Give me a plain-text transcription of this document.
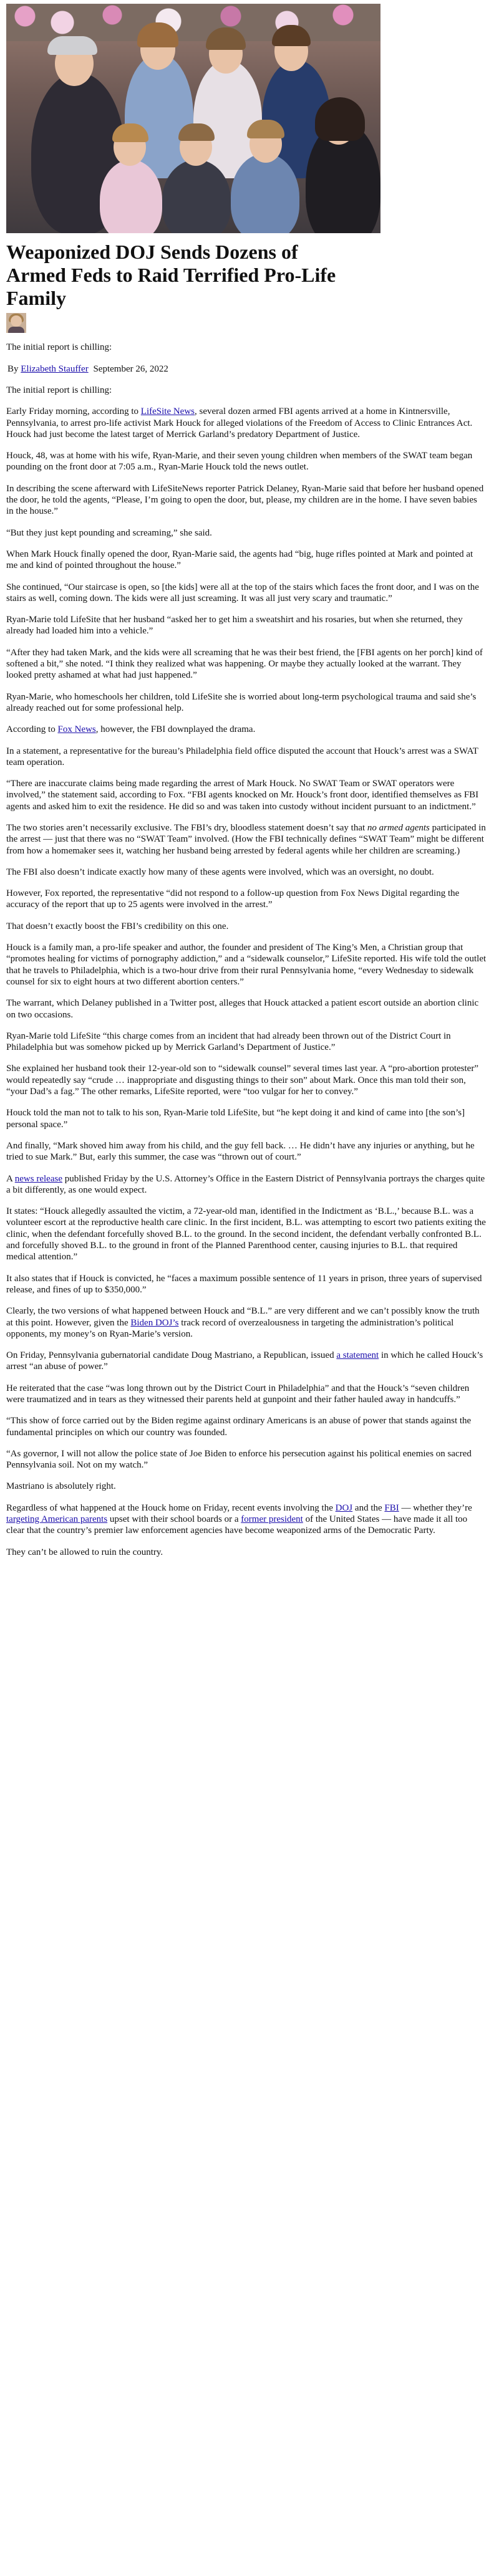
Weaponized DOJ Sends Dozens of Armed Feds to Raid Terrified Pro-Life Family

The initial report is chilling:

By Elizabeth Stauffer September 26, 2022

The initial report is chilling:

Early Friday morning, according to LifeSite News, several dozen armed FBI agents arrived at a home in Kintnersville, Pennsylvania, to arrest pro-life activist Mark Houck for alleged violations of the Freedom of Access to Clinic Entrances Act. Houck had just become the latest target of Merrick Garland’s predatory Department of Justice.

Houck, 48, was at home with his wife, Ryan-Marie, and their seven young children when members of the SWAT team began pounding on the front door at 7:05 a.m., Ryan-Marie Houck told the news outlet.

In describing the scene afterward with LifeSiteNews reporter Patrick Delaney, Ryan-Marie said that before her husband opened the door, he told the agents, “Please, I’m going to open the door, but, please, my children are in the home. I have seven babies in the house.”

“But they just kept pounding and screaming,” she said.

When Mark Houck finally opened the door, Ryan-Marie said, the agents had “big, huge rifles pointed at Mark and pointed at me and kind of pointed throughout the house.”

She continued, “Our staircase is open, so [the kids] were all at the top of the stairs which faces the front door, and I was on the stairs as well, coming down. The kids were all just screaming. It was all just very scary and traumatic.”

Ryan-Marie told LifeSite that her husband “asked her to get him a sweatshirt and his rosaries, but when she returned, they already had loaded him into a vehicle.”

“After they had taken Mark, and the kids were all screaming that he was their best friend, the [FBI agents on her porch] kind of softened a bit,” she noted. “I think they realized what was happening. Or maybe they actually looked at the warrant. They looked pretty ashamed at what had just happened.”

Ryan-Marie, who homeschools her children, told LifeSite she is worried about long-term psychological trauma and said she’s already reached out for some professional help.

According to Fox News, however, the FBI downplayed the drama.

In a statement, a representative for the bureau’s Philadelphia field office disputed the account that Houck’s arrest was a SWAT team operation.

“There are inaccurate claims being made regarding the arrest of Mark Houck. No SWAT Team or SWAT operators were involved,” the statement said, according to Fox. “FBI agents knocked on Mr. Houck’s front door, identified themselves as FBI agents and asked him to exit the residence. He did so and was taken into custody without incident pursuant to an indictment.”

The two stories aren’t necessarily exclusive. The FBI’s dry, bloodless statement doesn’t say that no armed agents participated in the arrest — just that there was no “SWAT Team” involved. (How the FBI technically defines “SWAT Team” might be different from how a homemaker sees it, watching her husband being arrested by federal agents while her children are screaming.)

The FBI also doesn’t indicate exactly how many of these agents were involved, which was an oversight, no doubt.

However, Fox reported, the representative “did not respond to a follow-up question from Fox News Digital regarding the accuracy of the report that up to 25 agents were involved in the arrest.”

That doesn’t exactly boost the FBI’s credibility on this one.

Houck is a family man, a pro-life speaker and author, the founder and president of The King’s Men, a Christian group that “promotes healing for victims of pornography addiction,” and a “sidewalk counselor,” LifeSite reported. His wife told the outlet that he travels to Philadelphia, which is a two-hour drive from their rural Pennsylvania home, “every Wednesday to sidewalk counsel for six to eight hours at two different abortion centers.”

The warrant, which Delaney published in a Twitter post, alleges that Houck attacked a patient escort outside an abortion clinic on two occasions.

Ryan-Marie told LifeSite “this charge comes from an incident that had already been thrown out of the District Court in Philadelphia but was somehow picked up by Merrick Garland’s Department of Justice.”

She explained her husband took their 12-year-old son to “sidewalk counsel” several times last year. A “pro-abortion protester” would repeatedly say “crude … inappropriate and disgusting things to their son” about Mark. Once this man told their son, “your Dad’s a fag.” The other remarks, LifeSite reported, were “too vulgar for her to convey.”

Houck told the man not to talk to his son, Ryan-Marie told LifeSite, but “he kept doing it and kind of came into [the son’s] personal space.”

And finally, “Mark shoved him away from his child, and the guy fell back. … He didn’t have any injuries or anything, but he tried to sue Mark.” But, early this summer, the case was “thrown out of court.”

A news release published Friday by the U.S. Attorney’s Office in the Eastern District of Pennsylvania portrays the charges quite a bit differently, as one would expect.

It states: “Houck allegedly assaulted the victim, a 72-year-old man, identified in the Indictment as ‘B.L.,’ because B.L. was a volunteer escort at the reproductive health care clinic. In the first incident, B.L. was attempting to escort two patients exiting the clinic, when the defendant forcefully shoved B.L. to the ground. In the second incident, the defendant verbally confronted B.L. and forcefully shoved B.L. to the ground in front of the Planned Parenthood center, causing injuries to B.L. that required medical attention.”

It also states that if Houck is convicted, he “faces a maximum possible sentence of 11 years in prison, three years of supervised release, and fines of up to $350,000.”

Clearly, the two versions of what happened between Houck and “B.L.” are very different and we can’t possibly know the truth at this point. However, given the Biden DOJ’s track record of overzealousness in targeting the administration’s political opponents, my money’s on Ryan-Marie’s version.

On Friday, Pennsylvania gubernatorial candidate Doug Mastriano, a Republican, issued a statement in which he called Houck’s arrest “an abuse of power.”

He reiterated that the case “was long thrown out by the District Court in Philadelphia” and that the Houck’s “seven children were traumatized and in tears as they witnessed their parents held at gunpoint and their father hauled away in handcuffs.”

“This show of force carried out by the Biden regime against ordinary Americans is an abuse of power that stands against the fundamental principles on which our country was founded.

“As governor, I will not allow the police state of Joe Biden to enforce his persecution against his political enemies on sacred Pennsylvania soil. Not on my watch.”

Mastriano is absolutely right.

Regardless of what happened at the Houck home on Friday, recent events involving the DOJ and the FBI — whether they’re targeting American parents upset with their school boards or a former president of the United States — have made it all too clear that the country’s premier law enforcement agencies have become weaponized arms of the Democratic Party.

They can’t be allowed to ruin the country.
